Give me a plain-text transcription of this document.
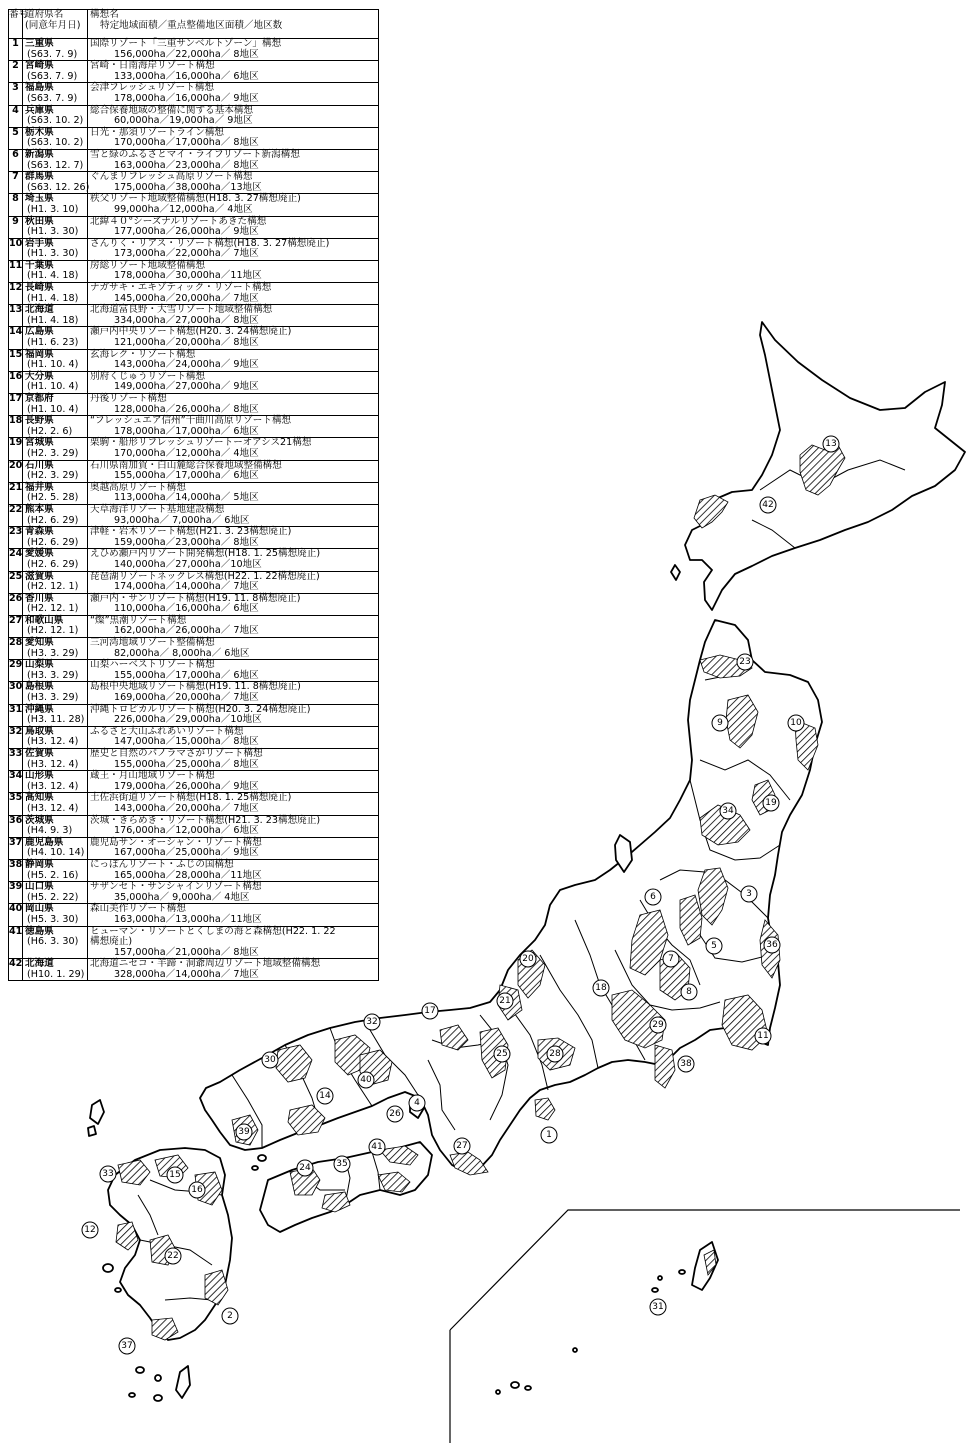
番号	道府県名
(同意年月日)	構想名
特定地域面積／重点整備地区面積／地区数

1	三重県
(S63. 7. 9)	国際リゾート「三重サンベルトゾーン」構想
156,000ha／22,000ha／ 8地区

2	宮崎県
(S63. 7. 9)	宮崎・日南海岸リゾート構想
133,000ha／16,000ha／ 6地区

3	福島県
(S63. 7. 9)	会津フレッシュリゾート構想
178,000ha／16,000ha／ 9地区

4	兵庫県
(S63. 10. 2)	総合保養地域の整備に関する基本構想
60,000ha／19,000ha／ 9地区

5	栃木県
(S63. 10. 2)	日光・那須リゾートライン構想
170,000ha／17,000ha／ 8地区

6	新潟県
(S63. 12. 7)	雪と緑のふるさとマイ・ライフリゾート新潟構想
163,000ha／23,000ha／ 8地区

7	群馬県
(S63. 12. 26)	ぐんまリフレッシュ高原リゾート構想
175,000ha／38,000ha／13地区

8	埼玉県
(H1. 3. 10)	秩父リゾート地域整備構想(H18. 3. 27構想廃止)
99,000ha／12,000ha／ 4地区

9	秋田県
(H1. 3. 30)	北緯４０°シーズナルリゾートあきた構想
177,000ha／26,000ha／ 9地区

10	岩手県
(H1. 3. 30)	さんりく・リアス・リゾート構想(H18. 3. 27構想廃止)
173,000ha／22,000ha／ 7地区

11	千葉県
(H1. 4. 18)	房総リゾート地域整備構想
178,000ha／30,000ha／11地区

12	長崎県
(H1. 4. 18)	ナガサキ・エキゾティック・リゾート構想
145,000ha／20,000ha／ 7地区

13	北海道
(H1. 4. 18)	北海道富良野・大雪リゾート地域整備構想
334,000ha／27,000ha／ 8地区

14	広島県
(H1. 6. 23)	瀬戸内中央リゾート構想(H20. 3. 24構想廃止)
121,000ha／20,000ha／ 8地区

15	福岡県
(H1. 10. 4)	玄海レク・リゾート構想
143,000ha／24,000ha／ 9地区

16	大分県
(H1. 10. 4)	別府くじゅうリゾート構想
149,000ha／27,000ha／ 9地区

17	京都府
(H1. 10. 4)	丹後リゾート構想
128,000ha／26,000ha／ 8地区

18	長野県
(H2. 2. 6)	“フレッシュエア信州”千曲川高原リゾート構想
178,000ha／17,000ha／ 6地区

19	宮城県
(H2. 3. 29)	栗駒・船形リフレッシュリゾートーオアシス21構想
170,000ha／12,000ha／ 4地区

20	石川県
(H2. 3. 29)	石川県南加賀・白山麓総合保養地域整備構想
155,000ha／17,000ha／ 6地区

21	福井県
(H2. 5. 28)	奥越高原リゾート構想
113,000ha／14,000ha／ 5地区

22	熊本県
(H2. 6. 29)	天草海洋リゾート基地建設構想
93,000ha／ 7,000ha／ 6地区

23	青森県
(H2. 6. 29)	津軽・岩木リゾート構想(H21. 3. 23構想廃止)
159,000ha／23,000ha／ 8地区

24	愛媛県
(H2. 6. 29)	えひめ瀬戸内リゾート開発構想(H18. 1. 25構想廃止)
140,000ha／27,000ha／10地区

25	滋賀県
(H2. 12. 1)	琵琶湖リゾートネックレス構想(H22. 1. 22構想廃止)
174,000ha／14,000ha／ 7地区

26	香川県
(H2. 12. 1)	瀬戸内・サンリゾート構想(H19. 11. 8構想廃止)
110,000ha／16,000ha／ 6地区

27	和歌山県
(H2. 12. 1)	“燦”黒潮リゾート構想
162,000ha／26,000ha／ 7地区

28	愛知県
(H3. 3. 29)	三河湾地域リゾート整備構想
82,000ha／ 8,000ha／ 6地区

29	山梨県
(H3. 3. 29)	山梨ハーベストリゾート構想
155,000ha／17,000ha／ 6地区

30	島根県
(H3. 3. 29)	島根中央地域リゾート構想(H19. 11. 8構想廃止)
169,000ha／20,000ha／ 7地区

31	沖縄県
(H3. 11. 28)	沖縄トロピカルリゾート構想(H20. 3. 24構想廃止)
226,000ha／29,000ha／10地区

32	鳥取県
(H3. 12. 4)	ふるさと大山ふれあいリゾート構想
147,000ha／15,000ha／ 8地区

33	佐賀県
(H3. 12. 4)	歴史と自然のパノラマさがリゾート構想
155,000ha／25,000ha／ 8地区

34	山形県
(H3. 12. 4)	蔵王・月山地域リゾート構想
179,000ha／26,000ha／ 9地区

35	高知県
(H3. 12. 4)	土佐浜街道リゾート構想(H18. 1. 25構想廃止)
143,000ha／20,000ha／ 7地区

36	茨城県
(H4. 9. 3)	茨城・きらめき・リゾート構想(H21. 3. 23構想廃止)
176,000ha／12,000ha／ 6地区

37	鹿児島県
(H4. 10. 14)	鹿児島サン・オーシャン・リゾート構想
167,000ha／25,000ha／ 9地区

38	静岡県
(H5. 2. 16)	にっぽんリゾート・ふじの国構想
165,000ha／28,000ha／11地区

39	山口県
(H5. 2. 22)	サザンセト・サンシャインリゾート構想
35,000ha／ 9,000ha／ 4地区

40	岡山県
(H5. 3. 30)	森山美作リゾート構想
163,000ha／13,000ha／11地区

41	徳島県
(H6. 3. 30)	ヒューマン・リゾートとくしまの海と森構想(H22. 1. 22
構想廃止)
157,000ha／21,000ha／ 8地区

42	北海道
(H10. 1. 29)	北海道ニセコ・羊蹄・洞爺周辺リゾート地域整備構想
328,000ha／14,000ha／ 7地区
1
2
3
4
5
6
7
8
9	10
11
12
13
14
15
16
17
18
19
20
21
22
23
24
25
26
27
28
29
30
31
32
33
34
35
36
37
38
39
40
41
42
